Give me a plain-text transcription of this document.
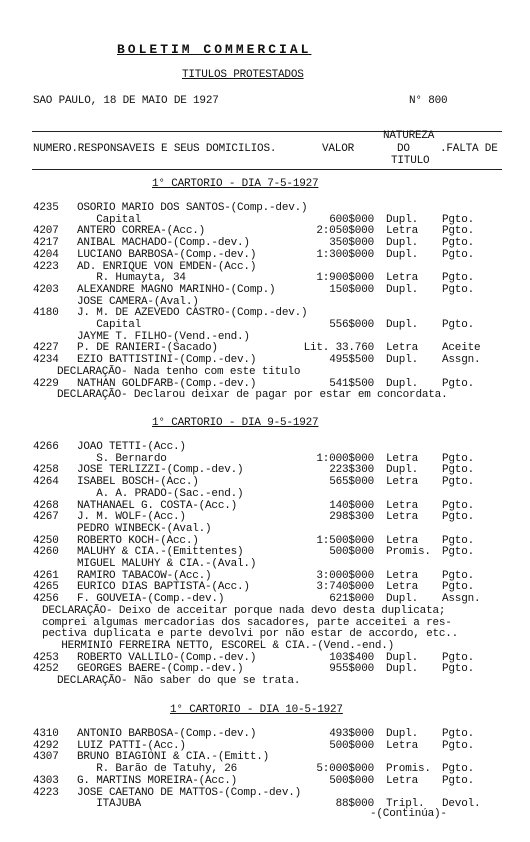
BOLETIM COMMERCIAL
TITULOS PROTESTADOS
SAO PAULO, 18 DE MAIO DE 1927	N° 800
NUMERO.RESPONSAVEIS E SEUS DOMICILIOS.	VALOR
NATUREZA
DO
TITULO
.FALTA DE
1° CARTORIO - DIA 7-5-1927
4235 OSORIO MARIO DOS SANTOS-(Comp.-dev.)
Capital	600$000 Dupl. Pgto.
4207 ANTERO CORREA-(Acc.)	2:050$000 Letra Pgto.
4217 ANIBAL MACHADO-(Comp.-dev.)	350$000 Dupl. Pgto.
4204 LUCIANO BARBOSA-(Comp.-dev.)	1:300$000 Dupl. Pgto.
4223 AD. ENRIQUE VON EMDEN-(Acc.)
R. Humayta, 34	1:900$000 Letra Pgto.
4203 ALEXANDRE MAGNO MARINHO-(Comp.)	150$000 Dupl. Pgto.
JOSE CAMERA-(Aval.)
4180 J. M. DE AZEVEDO CASTRO-(Comp.-dev.)
Capital	556$000 Dupl. Pgto.
JAYME T. FILHO-(Vend.-end.)
4227 P. DE RANIERI-(Sacado)	Lit. 33.760 Letra Aceite
4234 EZIO BATTISTINI-(Comp.-dev.)	495$500 Dupl. Assgn.
DECLARAÇÃO- Nada tenho com este titulo
4229 NATHAN GOLDFARB-(Comp.-dev.)	541$500 Dupl. Pgto.
DECLARAÇÃO- Declarou deixar de pagar por estar em concordata.
1° CARTORIO - DIA 9-5-1927
4266 JOAO TETTI-(Acc.)
S. Bernardo	1:000$000 Letra Pgto.
4258 JOSE TERLIZZI-(Comp.-dev.)	223$300 Dupl. Pgto.
4264 ISABEL BOSCH-(Acc.)	565$000 Letra Pgto.
A. A. PRADO-(Sac.-end.)
4268 NATHANAEL G. COSTA-(Acc.)	140$000 Letra Pgto.
4267 J. M. WOLF-(Acc.)	298$300 Letra Pgto.
PEDRO WINBECK-(Aval.)
4250 ROBERTO KOCH-(Acc.)	1:500$000 Letra Pgto.
4260 MALUHY & CIA.-(Emittentes)	500$000 Promis. Pgto.
MIGUEL MALUHY & CIA.-(Aval.)
4261 RAMIRO TABACOW-(Acc.)	3:000$000 Letra Pgto.
4265 EURICO DIAS BAPTISTA-(Acc.)	3:740$000 Letra Pgto.
4256 F. GOUVEIA-(Comp.-dev.)	621$000 Dupl. Assgn.
DECLARAÇÃO- Deixo de acceitar porque nada devo desta duplicata;
comprei algumas mercadorias dos sacadores, parte acceitei a res-
pectiva duplicata e parte devolvi por não estar de accordo, etc..
HERMINIO FERREIRA NETTO, ESCOREL & CIA.-(Vend.-end.)
4253 ROBERTO VALLILO-(Comp.-dev.)	103$400 Dupl. Pgto.
4252 GEORGES BAERE-(Comp.-dev.)	955$000 Dupl. Pgto.
DECLARAÇÃO- Não saber do que se trata.
1° CARTORIO - DIA 10-5-1927
4310 ANTONIO BARBOSA-(Comp.-dev.)	493$000 Dupl. Pgto.
4292 LUIZ PATTI-(Acc.)	500$000 Letra Pgto.
4307 BRUNO BIAGIONI & CIA.-(Emitt.)
R. Barão de Tatuhy, 26	5:000$000 Promis. Pgto.
4303 G. MARTINS MOREIRA-(Acc.)	500$000 Letra Pgto.
4223 JOSE CAETANO DE MATTOS-(Comp.-dev.)
ITAJUBA	88$000 Tripl. Devol.
-(Continúa)-
